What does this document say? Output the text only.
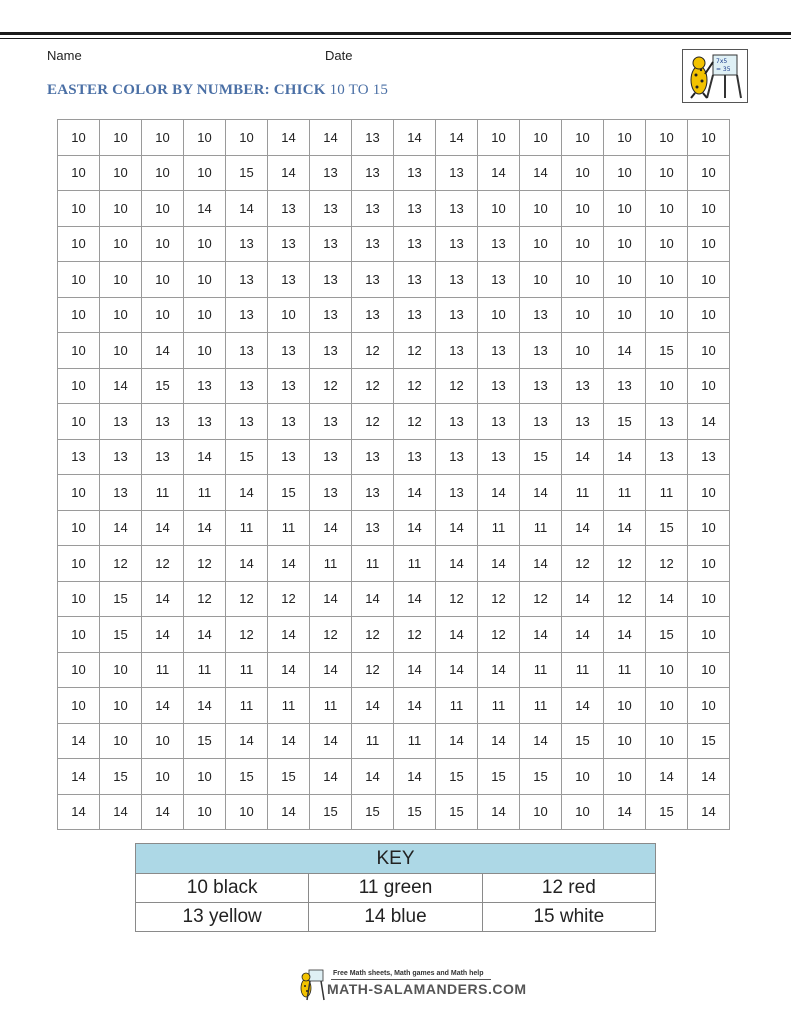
Name	Date
EASTER COLOR BY NUMBER: CHICK 10 TO 15
7x5
= 35
10	10	10	10	10	14	14	13	14	14	10	10	10	10	10	10
10	10	10	10	15	14	13	13	13	13	14	14	10	10	10	10
10	10	10	14	14	13	13	13	13	13	10	10	10	10	10	10
10	10	10	10	13	13	13	13	13	13	13	10	10	10	10	10
10	10	10	10	13	13	13	13	13	13	13	10	10	10	10	10
10	10	10	10	13	10	13	13	13	13	10	13	10	10	10	10
10	10	14	10	13	13	13	12	12	13	13	13	10	14	15	10
10	14	15	13	13	13	12	12	12	12	13	13	13	13	10	10
10	13	13	13	13	13	13	12	12	13	13	13	13	15	13	14
13	13	13	14	15	13	13	13	13	13	13	15	14	14	13	13
10	13	11	11	14	15	13	13	14	13	14	14	11	11	11	10
10	14	14	14	11	11	14	13	14	14	11	11	14	14	15	10
10	12	12	12	14	14	11	11	11	14	14	14	12	12	12	10
10	15	14	12	12	12	14	14	14	12	12	12	14	12	14	10
10	15	14	14	12	14	12	12	12	14	12	14	14	14	15	10
10	10	11	11	11	14	14	12	14	14	14	11	11	11	10	10
10	10	14	14	11	11	11	14	14	11	11	11	14	10	10	10
14	10	10	15	14	14	14	11	11	14	14	14	15	10	10	15
14	15	10	10	15	15	14	14	14	15	15	15	10	10	14	14
14	14	14	10	10	14	15	15	15	15	14	10	10	14	15	14
KEY		
10 black	11 green	12 red
13 yellow	14 blue	15 white
Free Math sheets, Math games and Math help
MATH-SALAMANDERS.COM
